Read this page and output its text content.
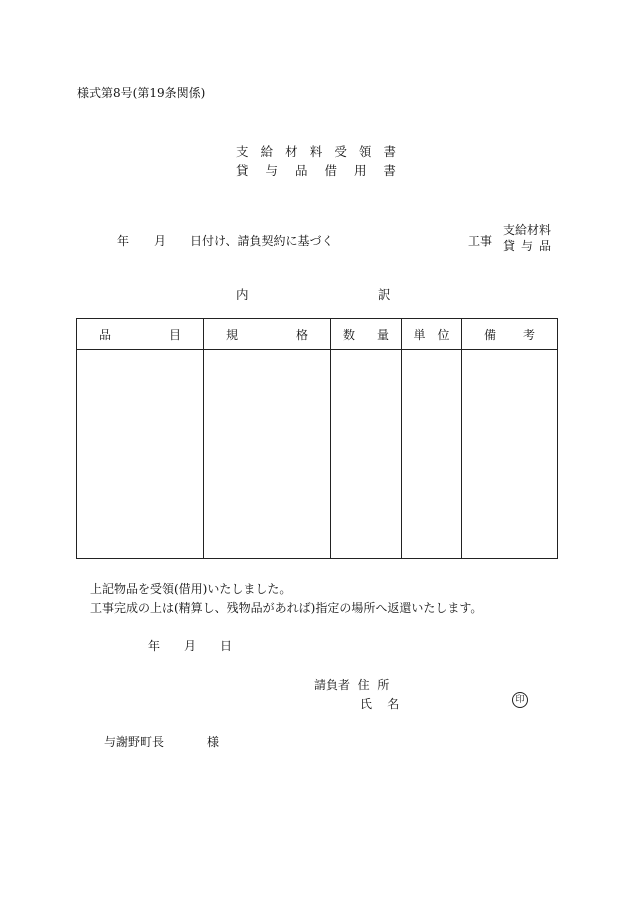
様式第8号(第19条関係)
支 給 材 料 受 領 書
貸 与 品 借 用 書
年 月 日付け、請負契約に基づく	工事
支 給 材 料
貸 与 品
内	訳
品 目	規 格	数 量	単 位	備 考

上記物品を受領(借用)いたしました。
工事完成の上は(精算し、残物品があれば)指定の場所へ返還いたします。
年 月 日
請負者 住 所
氏 名	印
与謝野町長	様
